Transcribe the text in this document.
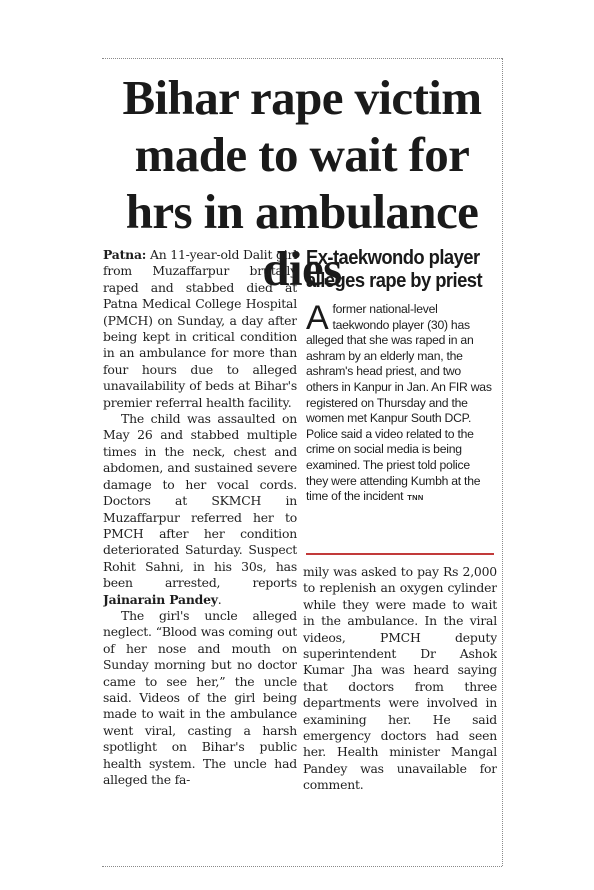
Bihar rape victim made to wait for hrs in ambulance dies

Patna: An 11-year-old Dalit girl from Muzaffarpur brutally raped and stabbed died at Patna Medical College Hospital (PMCH) on Sunday, a day after being kept in critical condition in an ambulance for more than four hours due to alleged unavailability of beds at Bihar's premier referral health facility.

The child was assaulted on May 26 and stabbed multiple times in the neck, chest and abdomen, and sustained severe damage to her vocal cords. Doctors at SKMCH in Muzaffarpur referred her to PMCH after her condition deteriorated Saturday. Suspect Rohit Sahni, in his 30s, has been arrested, reports Jainarain Pandey.

The girl's uncle alleged neglect. “Blood was coming out of her nose and mouth on Sunday morning but no doctor came to see her,” the uncle said. Videos of the girl being made to wait in the ambulance went viral, casting a harsh spotlight on Bihar's public health system. The uncle had alleged the fa-

Ex-taekwondo player alleges rape by priest

Aformer national-level taekwondo player (30) has alleged that she was raped in an ashram by an elderly man, the ashram's head priest, and two others in Kanpur in Jan. An FIR was registered on Thursday and the women met Kanpur South DCP. Police said a video related to the crime on social media is being examined. The priest told police they were attending Kumbh at the time of the incident TNN

mily was asked to pay Rs 2,000 to replenish an oxygen cylinder while they were made to wait in the ambulance. In the viral videos, PMCH deputy superintendent Dr Ashok Kumar Jha was heard saying that doctors from three departments were involved in examining her. He said emergency doctors had seen her. Health minister Mangal Pandey was unavailable for comment.
